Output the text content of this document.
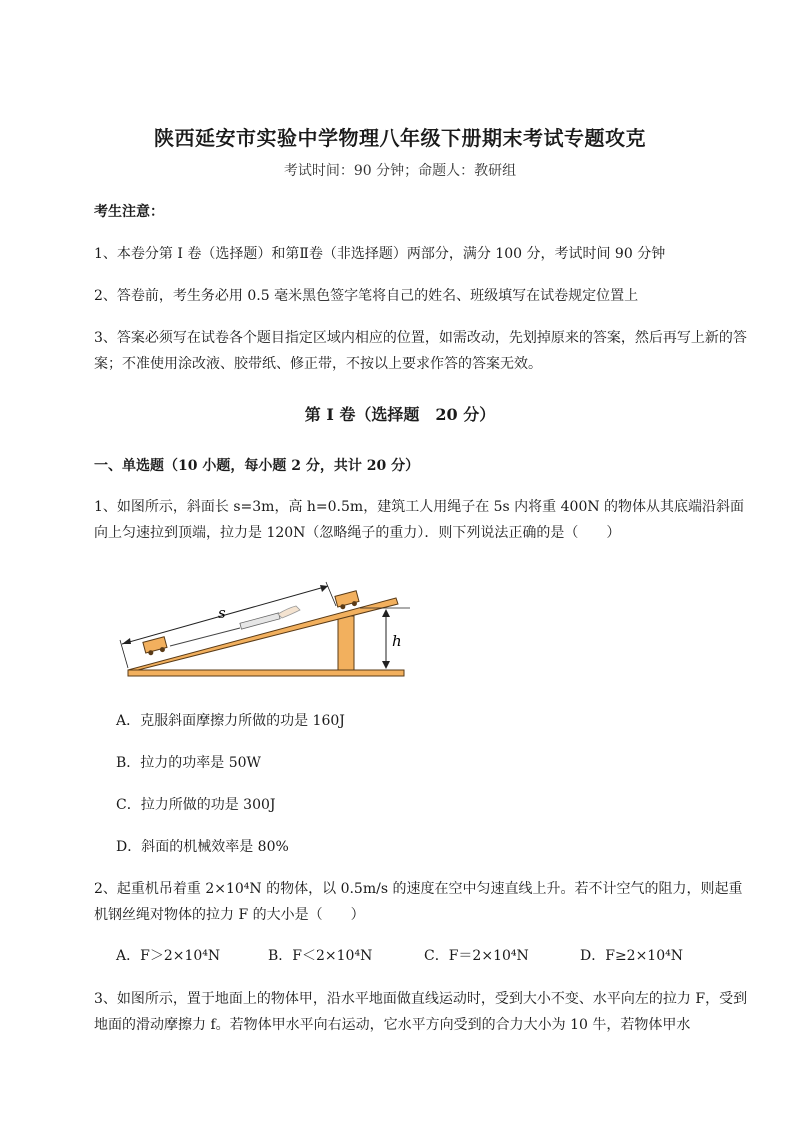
陕西延安市实验中学物理八年级下册期末考试专题攻克
考试时间：90 分钟；命题人：教研组
考生注意：
1、本卷分第 I 卷（选择题）和第Ⅱ卷（非选择题）两部分，满分 100 分，考试时间 90 分钟
2、答卷前，考生务必用 0.5 毫米黑色签字笔将自己的姓名、班级填写在试卷规定位置上
3、答案必须写在试卷各个题目指定区域内相应的位置，如需改动，先划掉原来的答案，然后再写上新的答案；不准使用涂改液、胶带纸、修正带，不按以上要求作答的答案无效。
第 I 卷（选择题　20 分）
一、单选题（10 小题，每小题 2 分，共计 20 分）
1、如图所示，斜面长 s=3m，高 h=0.5m，建筑工人用绳子在 5s 内将重 400N 的物体从其底端沿斜面向上匀速拉到顶端，拉力是 120N（忽略绳子的重力）．则下列说法正确的是（　　）
s
h
A．克服斜面摩擦力所做的功是 160J
B．拉力的功率是 50W
C．拉力所做的功是 300J
D．斜面的机械效率是 80%
2、起重机吊着重 2×10⁴N 的物体，以 0.5m/s 的速度在空中匀速直线上升。若不计空气的阻力，则起重机钢丝绳对物体的拉力 F 的大小是（　　）
A．F＞2×10⁴N	B．F＜2×10⁴N	C．F＝2×10⁴N	D．F≥2×10⁴N
3、如图所示，置于地面上的物体甲，沿水平地面做直线运动时，受到大小不变、水平向左的拉力 F，受到地面的滑动摩擦力 f。若物体甲水平向右运动，它水平方向受到的合力大小为 10 牛，若物体甲水
